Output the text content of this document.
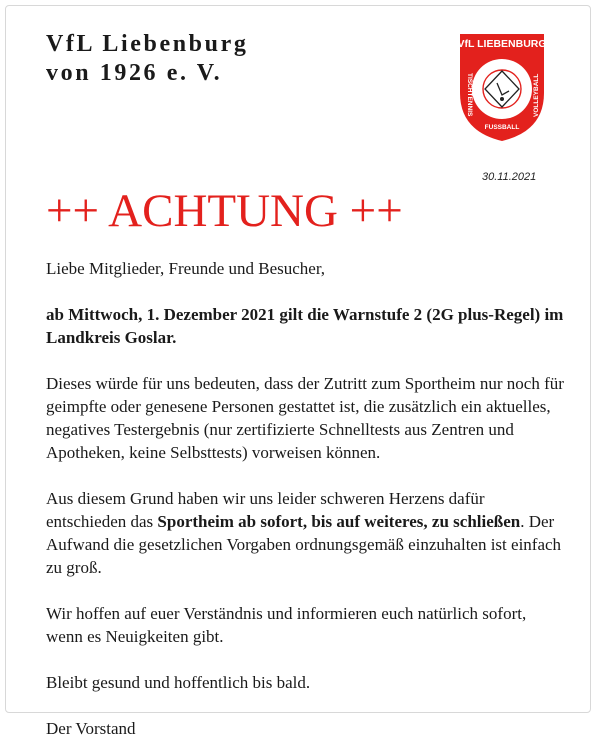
VfL Liebenburg
von 1926 e. V.
VfL LIEBENBURG
TISCHTENNIS	VOLLEYBALL
FUSSBALL
30.11.2021
++ ACHTUNG ++

Liebe Mitglieder, Freunde und Besucher,

ab Mittwoch, 1. Dezember 2021 gilt die Warnstufe 2 (2G plus-Regel) im Landkreis Goslar.

Dieses würde für uns bedeuten, dass der Zutritt zum Sportheim nur noch für geimpfte oder genesene Personen gestattet ist, die zusätzlich ein aktuelles, negatives Testergebnis (nur zertifizierte Schnelltests aus Zentren und Apotheken, keine Selbsttests) vorweisen können.

Aus diesem Grund haben wir uns leider schweren Herzens dafür entschieden das Sportheim ab sofort, bis auf weiteres, zu schließen. Der Aufwand die gesetzlichen Vorgaben ordnungsgemäß einzuhalten ist einfach zu groß.

Wir hoffen auf euer Verständnis und informieren euch natürlich sofort, wenn es Neuigkeiten gibt.

Bleibt gesund und hoffentlich bis bald.

Der Vorstand
